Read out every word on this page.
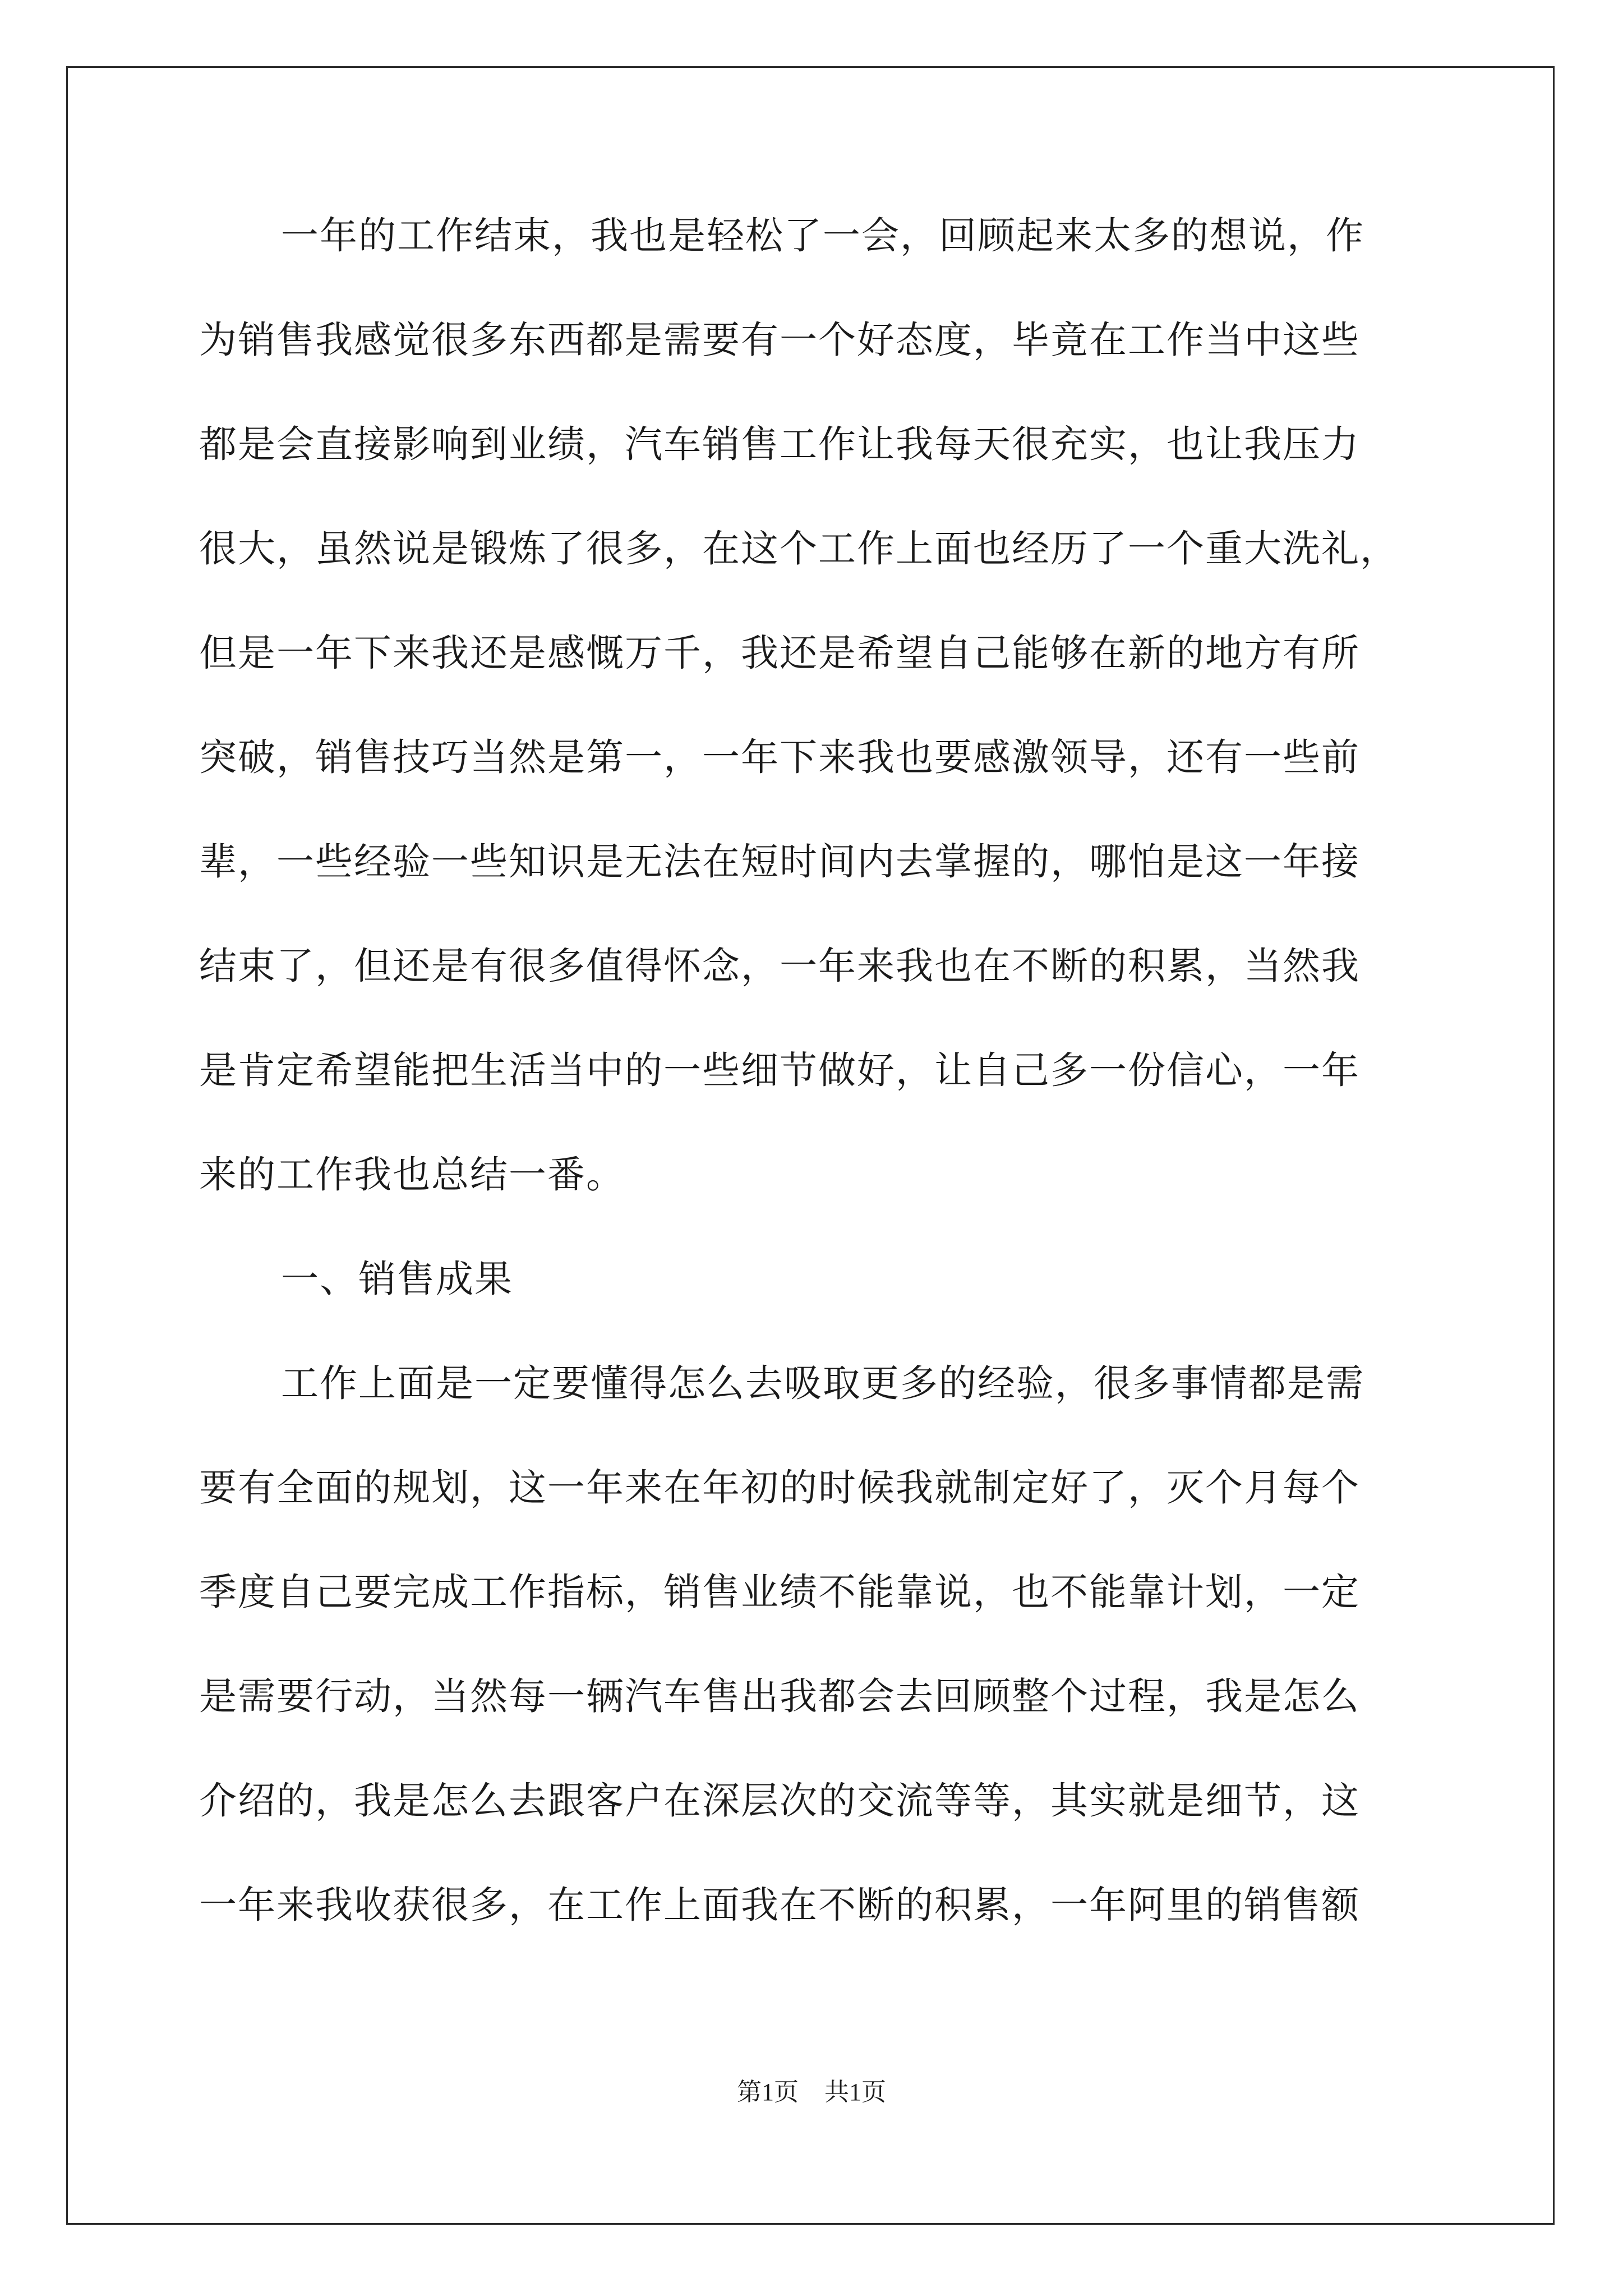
一年的工作结束，我也是轻松了一会，回顾起来太多的想说，作
为销售我感觉很多东西都是需要有一个好态度，毕竟在工作当中这些
都是会直接影响到业绩，汽车销售工作让我每天很充实，也让我压力
很大，虽然说是锻炼了很多，在这个工作上面也经历了一个重大洗礼，
但是一年下来我还是感慨万千，我还是希望自己能够在新的地方有所
突破，销售技巧当然是第一，一年下来我也要感激领导，还有一些前
辈，一些经验一些知识是无法在短时间内去掌握的，哪怕是这一年接
结束了，但还是有很多值得怀念，一年来我也在不断的积累，当然我
是肯定希望能把生活当中的一些细节做好，让自己多一份信心，一年
来的工作我也总结一番。
一、销售成果
工作上面是一定要懂得怎么去吸取更多的经验，很多事情都是需
要有全面的规划，这一年来在年初的时候我就制定好了，灭个月每个
季度自己要完成工作指标，销售业绩不能靠说，也不能靠计划，一定
是需要行动，当然每一辆汽车售出我都会去回顾整个过程，我是怎么
介绍的，我是怎么去跟客户在深层次的交流等等，其实就是细节，这
一年来我收获很多，在工作上面我在不断的积累，一年阿里的销售额
第1页 共1页
